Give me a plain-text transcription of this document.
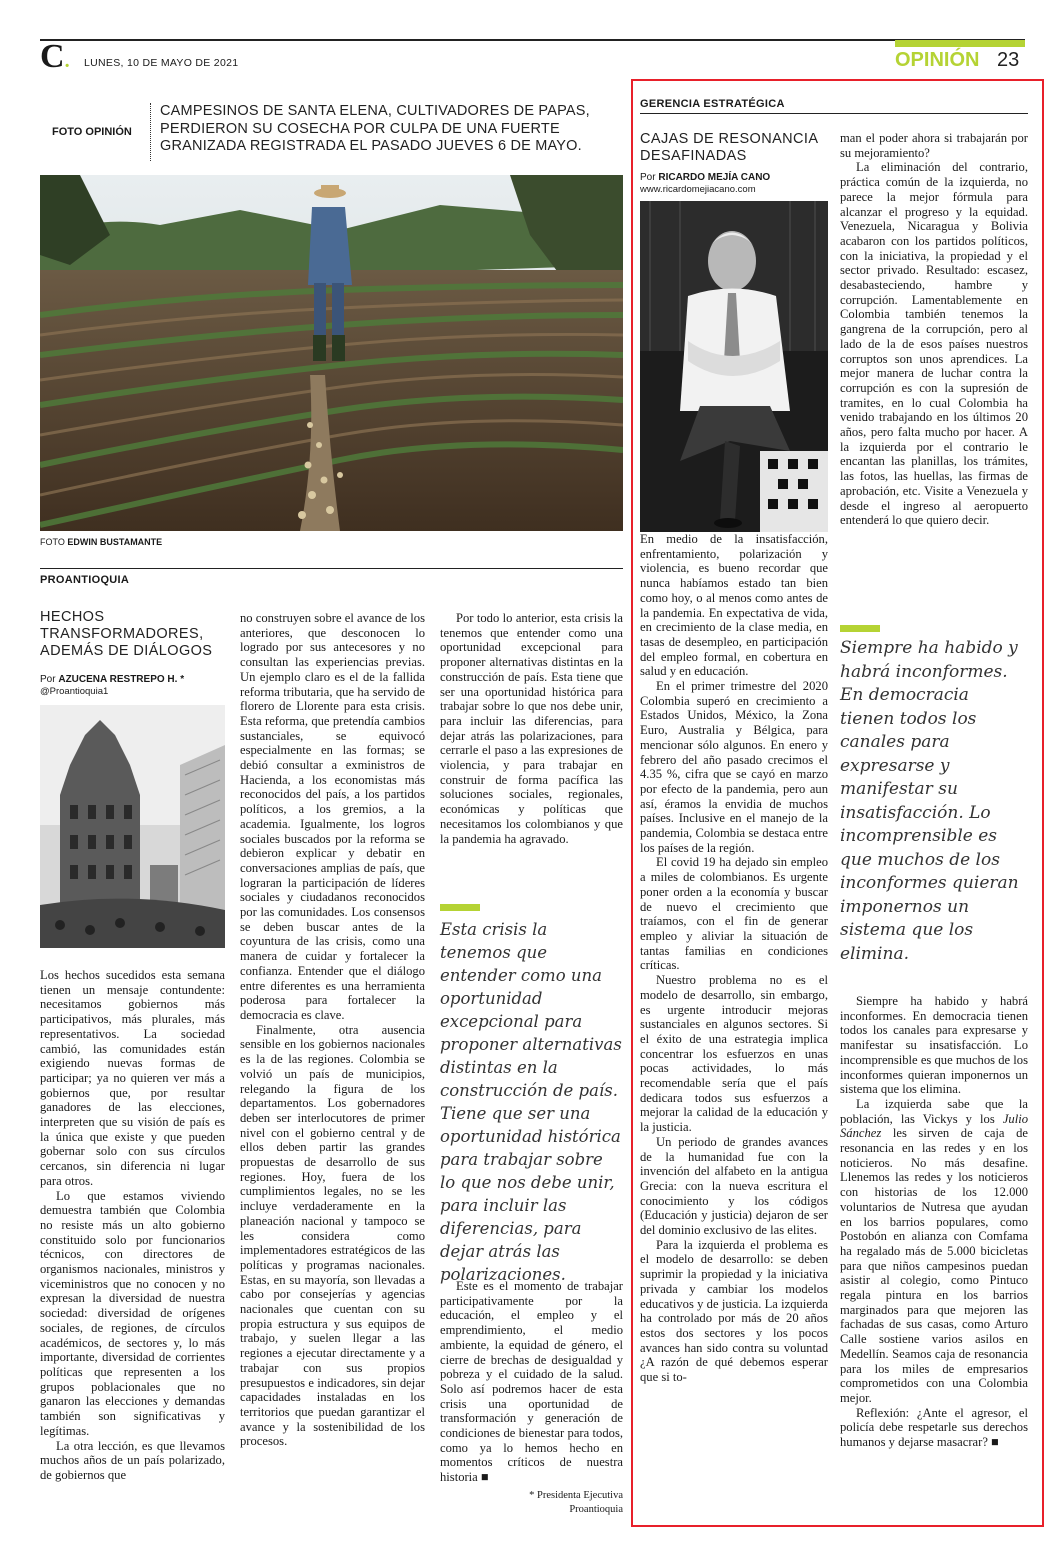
C. LUNES, 10 DE MAYO DE 2021	OPINIÓN 23
FOTO OPINIÓN
CAMPESINOS DE SANTA ELENA, CULTIVADORES DE PAPAS, PERDIERON SU COSECHA POR CULPA DE UNA FUERTE GRANIZADA REGISTRADA EL PASADO JUEVES 6 DE MAYO.
FOTO EDWIN BUSTAMANTE
PROANTIOQUIA
HECHOS TRANSFORMADORES, ADEMÁS DE DIÁLOGOS
Por AZUCENA RESTREPO H. *
@Proantioquia1

Los hechos sucedidos esta semana tienen un mensaje contundente: necesitamos gobiernos más participativos, más plurales, más representativos. La sociedad cambió, las comunidades están exigiendo nuevas formas de participar; ya no quieren ver más a gobiernos que, por resultar ganadores de las elecciones, interpreten que su visión de país es la única que existe y que pueden gobernar solo con sus círculos cercanos, sin diferencia ni lugar para otros.

Lo que estamos viviendo demuestra también que Colombia no resiste más un alto gobierno constituido solo por funcionarios técnicos, con directores de organismos nacionales, ministros y viceministros que no conocen y no expresan la diversidad de nuestra sociedad: diversidad de orígenes sociales, de regiones, de círculos académicos, de sectores y, lo más importante, diversidad de corrientes políticas que representen a los grupos poblacionales que no ganaron las elecciones y demandas también son significativas y legítimas.

La otra lección, es que llevamos muchos años de un país polarizado, de gobiernos que

no construyen sobre el avance de los anteriores, que desconocen lo logrado por sus antecesores y no consultan las experiencias previas. Un ejemplo claro es el de la fallida reforma tributaria, que ha servido de florero de Llorente para esta crisis. Esta reforma, que pretendía cambios sustanciales, se equivocó especialmente en las formas; se debió consultar a exministros de Hacienda, a los economistas más reconocidos del país, a los partidos políticos, a los gremios, a la academia. Igualmente, los logros sociales buscados por la reforma se debieron explicar y debatir en conversaciones amplias de país, que lograran la participación de líderes sociales y ciudadanos reconocidos por las comunidades. Los consensos se deben buscar antes de la coyuntura de las crisis, como una manera de cuidar y fortalecer la confianza. Entender que el diálogo entre diferentes es una herramienta poderosa para fortalecer la democracia es clave.

Finalmente, otra ausencia sensible en los gobiernos nacionales es la de las regiones. Colombia se volvió un país de municipios, relegando la figura de los departamentos. Los gobernadores deben ser interlocutores de primer nivel con el gobierno central y de ellos deben partir las grandes propuestas de desarrollo de sus regiones. Hoy, fuera de los cumplimientos legales, no se les incluye verdaderamente en la planeación nacional y tampoco se les considera como implementadores estratégicos de las políticas y programas nacionales. Estas, en su mayoría, son llevadas a cabo por consejerías y agencias nacionales que cuentan con su propia estructura y sus equipos de trabajo, y suelen llegar a las regiones a ejecutar directamente y a trabajar con sus propios presupuestos e indicadores, sin dejar capacidades instaladas en los territorios que puedan garantizar el avance y la sostenibilidad de los procesos.

Por todo lo anterior, esta crisis la tenemos que entender como una oportunidad excepcional para proponer alternativas distintas en la construcción de país. Esta tiene que ser una oportunidad histórica para trabajar sobre lo que nos debe unir, para incluir las diferencias, para dejar atrás las polarizaciones, para cerrarle el paso a las expresiones de violencia, y para trabajar en construir de forma pacífica las soluciones sociales, regionales, económicas y políticas que necesitamos los colombianos y que la pandemia ha agravado.

Esta crisis la tenemos que entender como una oportunidad excepcional para proponer alternativas distintas en la construcción de país. Tiene que ser una oportunidad histórica para trabajar sobre lo que nos debe unir, para incluir las diferencias, para dejar atrás las polarizaciones.

Este es el momento de trabajar participativamente por la educación, el empleo y el emprendimiento, el medio ambiente, la equidad de género, el cierre de brechas de desigualdad y pobreza y el cuidado de la salud. Solo así podremos hacer de esta crisis una oportunidad de transformación y generación de condiciones de bienestar para todos, como ya lo hemos hecho en momentos críticos de nuestra historia ■

* Presidenta Ejecutiva
Proantioquia
GERENCIA ESTRATÉGICA
CAJAS DE RESONANCIA DESAFINADAS
Por RICARDO MEJÍA CANO
www.ricardomejiacano.com

En medio de la insatisfacción, enfrentamiento, polarización y violencia, es bueno recordar que nunca habíamos estado tan bien como hoy, o al menos como antes de la pandemia. En expectativa de vida, en crecimiento de la clase media, en tasas de desempleo, en participación del empleo formal, en cobertura en salud y en educación.

En el primer trimestre del 2020 Colombia superó en crecimiento a Estados Unidos, México, la Zona Euro, Australia y Bélgica, para mencionar sólo algunos. En enero y febrero del año pasado crecimos el 4.35 %, cifra que se cayó en marzo por efecto de la pandemia, pero aun así, éramos la envidia de muchos países. Inclusive en el manejo de la pandemia, Colombia se destaca entre los países de la región.

El covid 19 ha dejado sin empleo a miles de colombianos. Es urgente poner orden a la economía y buscar de nuevo el crecimiento que traíamos, con el fin de generar empleo y aliviar la situación de tantas familias en condiciones críticas.

Nuestro problema no es el modelo de desarrollo, sin embargo, es urgente introducir mejoras sustanciales en algunos sectores. Si el éxito de una estrategia implica concentrar los esfuerzos en unas pocas actividades, lo más recomendable sería que el país dedicara todos sus esfuerzos a mejorar la calidad de la educación y la justicia.

Un periodo de grandes avances de la humanidad fue con la invención del alfabeto en la antigua Grecia: con la nueva escritura el conocimiento y los códigos (Educación y justicia) dejaron de ser del dominio exclusivo de las elites.

Para la izquierda el problema es el modelo de desarrollo: se deben suprimir la propiedad y la iniciativa privada y cambiar los modelos educativos y de justicia. La izquierda ha controlado por más de 20 años estos dos sectores y los pocos avances han sido contra su voluntad ¿A razón de qué debemos esperar que si to-

man el poder ahora si trabajarán por su mejoramiento?

La eliminación del contrario, práctica común de la izquierda, no parece la mejor fórmula para alcanzar el progreso y la equidad. Venezuela, Nicaragua y Bolivia acabaron con los partidos políticos, con la iniciativa, la propiedad y el sector privado. Resultado: escasez, desabasteciendo, hambre y corrupción. Lamentablemente en Colombia también tenemos la gangrena de la corrupción, pero al lado de la de esos países nuestros corruptos son unos aprendices. La mejor manera de luchar contra la corrupción es con la supresión de tramites, en lo cual Colombia ha venido trabajando en los últimos 20 años, pero falta mucho por hacer. A la izquierda por el contrario le encantan las planillas, los trámites, las fotos, las huellas, las firmas de aprobación, etc. Visite a Venezuela y desde el ingreso al aeropuerto entenderá lo que quiero decir.

Siempre ha habido y habrá inconformes. En democracia tienen todos los canales para expresarse y manifestar su insatisfacción. Lo incomprensible es que muchos de los inconformes quieran imponernos un sistema que los elimina.

Siempre ha habido y habrá inconformes. En democracia tienen todos los canales para expresarse y manifestar su insatisfacción. Lo incomprensible es que muchos de los inconformes quieran imponernos un sistema que los elimina.

La izquierda sabe que la población, las Vickys y los Julio Sánchez les sirven de caja de resonancia en las redes y en los noticieros. No más desafine. Llenemos las redes y los noticieros con historias de los 12.000 voluntarios de Nutresa que ayudan en los barrios populares, como Postobón en alianza con Comfama ha regalado más de 5.000 bicicletas para que niños campesinos puedan asistir al colegio, como Pintuco regala pintura en los barrios marginados para que mejoren las fachadas de sus casas, como Arturo Calle sostiene varios asilos en Medellín. Seamos caja de resonancia para los miles de empresarios comprometidos con una Colombia mejor.

Reflexión: ¿Ante el agresor, el policía debe respetarle sus derechos humanos y dejarse masacrar? ■
